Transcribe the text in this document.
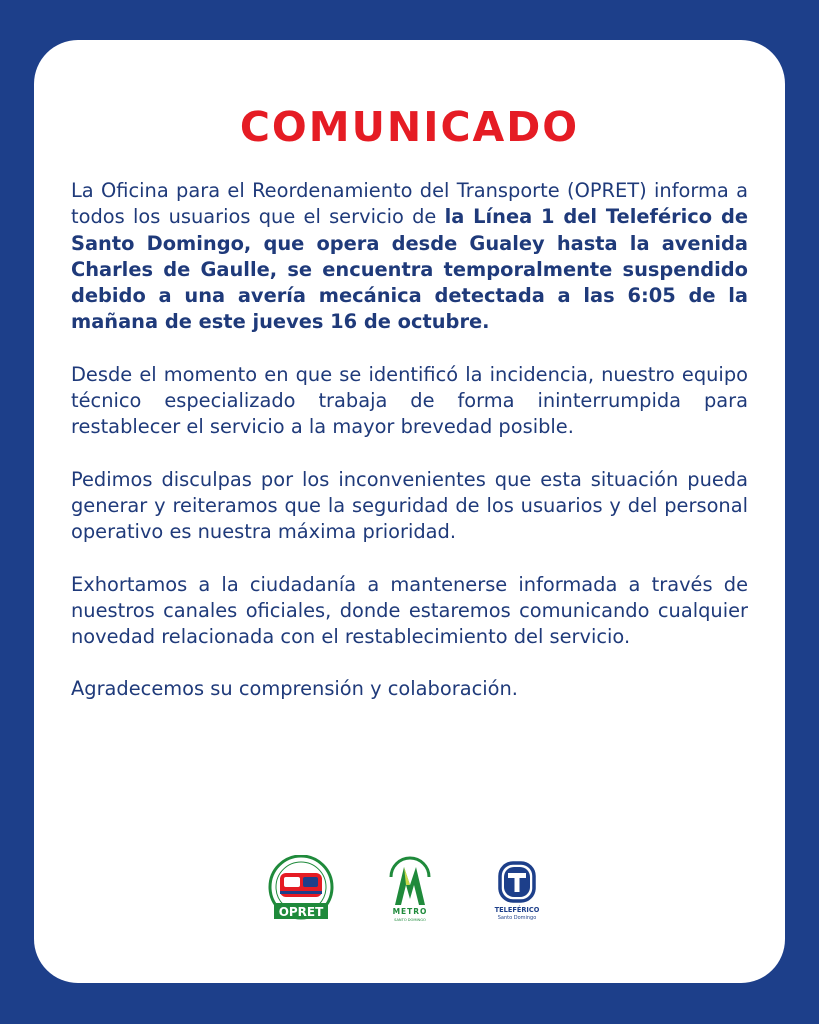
COMUNICADO

La Oficina para el Reordenamiento del Transporte (OPRET) informa a todos los usuarios que el servicio de la Línea 1 del Teleférico de Santo Domingo, que opera desde Gualey hasta la avenida Charles de Gaulle, se encuentra temporalmente suspendido debido a una avería mecánica detectada a las 6:05 de la mañana de este jueves 16 de octubre.

Desde el momento en que se identificó la incidencia, nuestro equipo técnico especializado trabaja de forma ininterrumpida para restablecer el servicio a la mayor brevedad posible.

Pedimos disculpas por los inconvenientes que esta situación pueda generar y reiteramos que la seguridad de los usuarios y del personal operativo es nuestra máxima prioridad.

Exhortamos a la ciudadanía a mantenerse informada a través de nuestros canales oficiales, donde estaremos comunicando cualquier novedad relacionada con el restablecimiento del servicio.

Agradecemos su comprensión y colaboración.

OPRET	METRO
SANTO DOMINGO
TELEFÉRICO
Santo Domingo
